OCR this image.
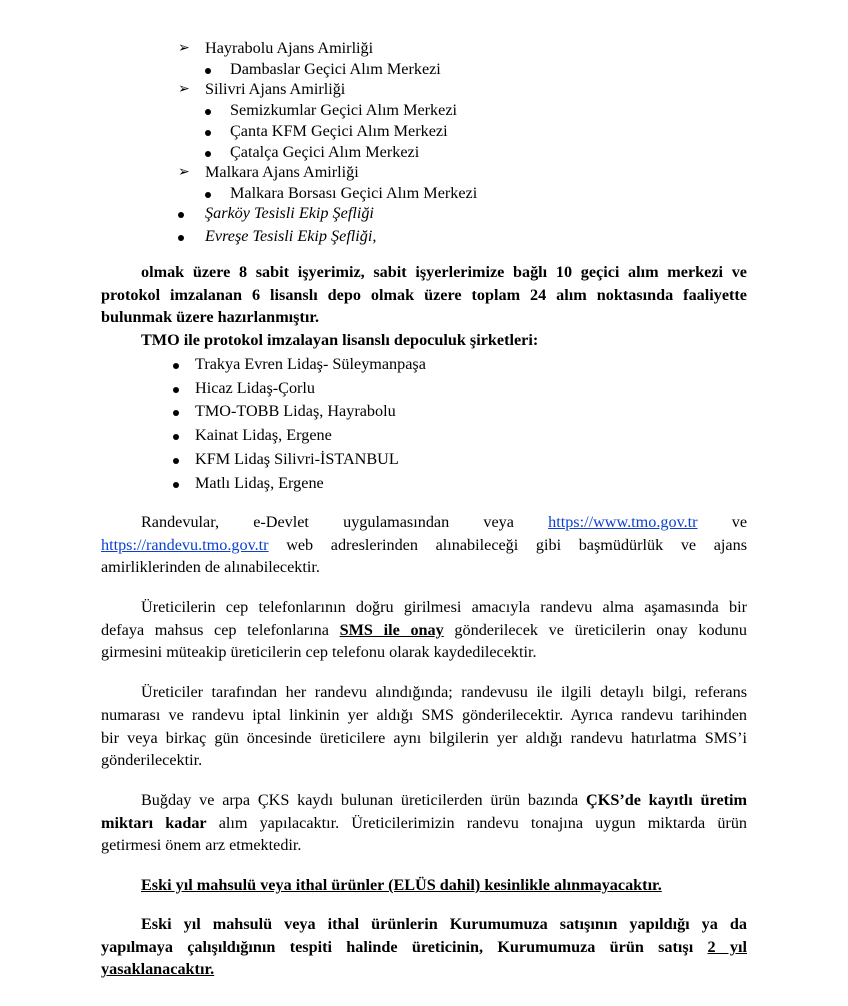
➢ Hayrabolu Ajans Amirliği
Dambaslar Geçici Alım Merkezi
➢ Silivri Ajans Amirliği
Semizkumlar Geçici Alım Merkezi
Çanta KFM Geçici Alım Merkezi
Çatalça Geçici Alım Merkezi
➢ Malkara Ajans Amirliği
Malkara Borsası Geçici Alım Merkezi
Şarköy Tesisli Ekip Şefliği
Evreşe Tesisli Ekip Şefliği,
olmak üzere 8 sabit işyerimiz, sabit işyerlerimize bağlı 10 geçici alım merkezi ve
protokol imzalanan 6 lisanslı depo olmak üzere toplam 24 alım noktasında faaliyette
bulunmak üzere hazırlanmıştır.
TMO ile protokol imzalayan lisanslı depoculuk şirketleri:
Trakya Evren Lidaş- Süleymanpaşa
Hicaz Lidaş-Çorlu
TMO-TOBB Lidaş, Hayrabolu
Kainat Lidaş, Ergene
KFM Lidaş Silivri-İSTANBUL
Matlı Lidaş, Ergene
Randevular, e-Devlet uygulamasından veya https://www.tmo.gov.tr ve
https://randevu.tmo.gov.tr web adreslerinden alınabileceği gibi başmüdürlük ve ajans
amirliklerinden de alınabilecektir.
Üreticilerin cep telefonlarının doğru girilmesi amacıyla randevu alma aşamasında bir
defaya mahsus cep telefonlarına SMS ile onay gönderilecek ve üreticilerin onay kodunu
girmesini müteakip üreticilerin cep telefonu olarak kaydedilecektir.
Üreticiler tarafından her randevu alındığında; randevusu ile ilgili detaylı bilgi, referans
numarası ve randevu iptal linkinin yer aldığı SMS gönderilecektir. Ayrıca randevu tarihinden
bir veya birkaç gün öncesinde üreticilere aynı bilgilerin yer aldığı randevu hatırlatma SMS’i
gönderilecektir.
Buğday ve arpa ÇKS kaydı bulunan üreticilerden ürün bazında ÇKS’de kayıtlı üretim
miktarı kadar alım yapılacaktır. Üreticilerimizin randevu tonajına uygun miktarda ürün
getirmesi önem arz etmektedir.
Eski yıl mahsulü veya ithal ürünler (ELÜS dahil) kesinlikle alınmayacaktır.
Eski yıl mahsulü veya ithal ürünlerin Kurumumuza satışının yapıldığı ya da
yapılmaya çalışıldığının tespiti halinde üreticinin, Kurumumuza ürün satışı 2 yıl
yasaklanacaktır.
